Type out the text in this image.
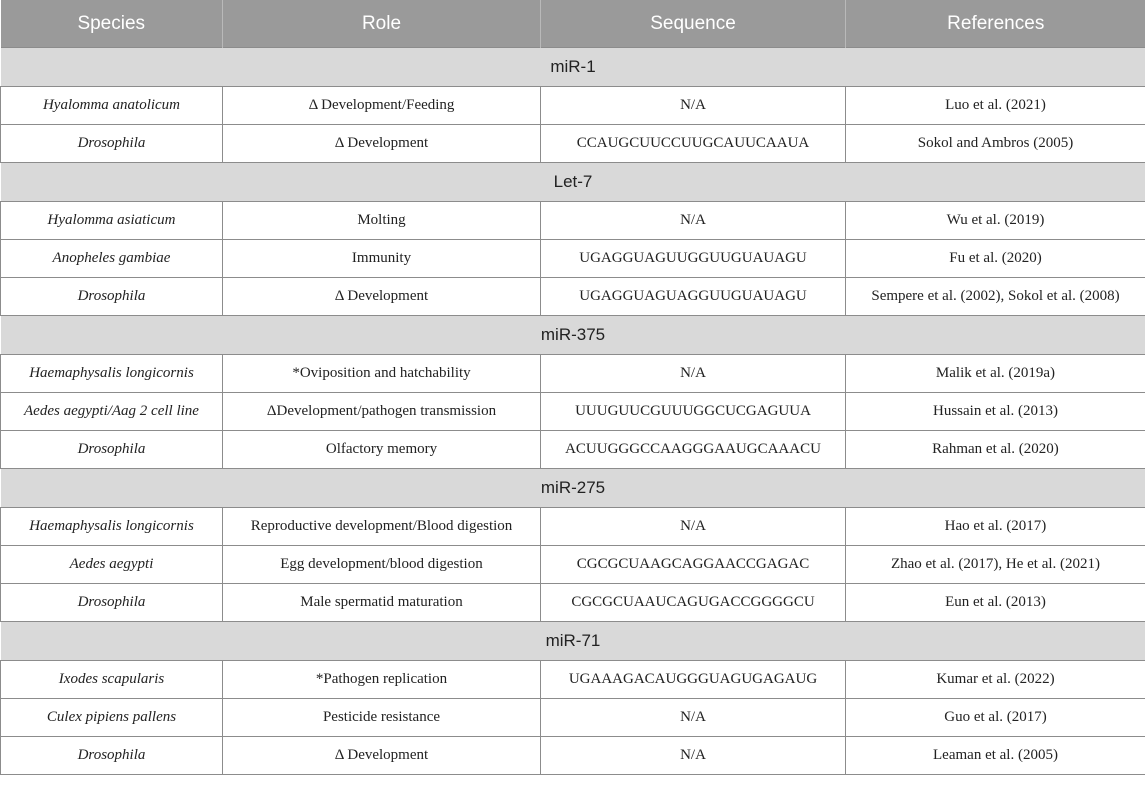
Species	Role	Sequence	References
miR-1			
Hyalomma anatolicum	Δ Development/Feeding	N/A	Luo et al. (2021)
Drosophila	Δ Development	CCAUGCUUCCUUGCAUUCAAUA	Sokol and Ambros (2005)
Let-7			
Hyalomma asiaticum	Molting	N/A	Wu et al. (2019)
Anopheles gambiae	Immunity	UGAGGUAGUUGGUUGUAUAGU	Fu et al. (2020)
Drosophila	Δ Development	UGAGGUAGUAGGUUGUAUAGU	Sempere et al. (2002), Sokol et al. (2008)
miR-375			
Haemaphysalis longicornis	*Oviposition and hatchability	N/A	Malik et al. (2019a)
Aedes aegypti/Aag 2 cell line	ΔDevelopment/pathogen transmission	UUUGUUCGUUUGGCUCGAGUUA	Hussain et al. (2013)
Drosophila	Olfactory memory	ACUUGGGCCAAGGGAAUGCAAACU	Rahman et al. (2020)
miR-275			
Haemaphysalis longicornis	Reproductive development/Blood digestion	N/A	Hao et al. (2017)
Aedes aegypti	Egg development/blood digestion	CGCGCUAAGCAGGAACCGAGAC	Zhao et al. (2017), He et al. (2021)
Drosophila	Male spermatid maturation	CGCGCUAAUCAGUGACCGGGGCU	Eun et al. (2013)
miR-71			
Ixodes scapularis	*Pathogen replication	UGAAAGACAUGGGUAGUGAGAUG	Kumar et al. (2022)
Culex pipiens pallens	Pesticide resistance	N/A	Guo et al. (2017)
Drosophila	Δ Development	N/A	Leaman et al. (2005)
